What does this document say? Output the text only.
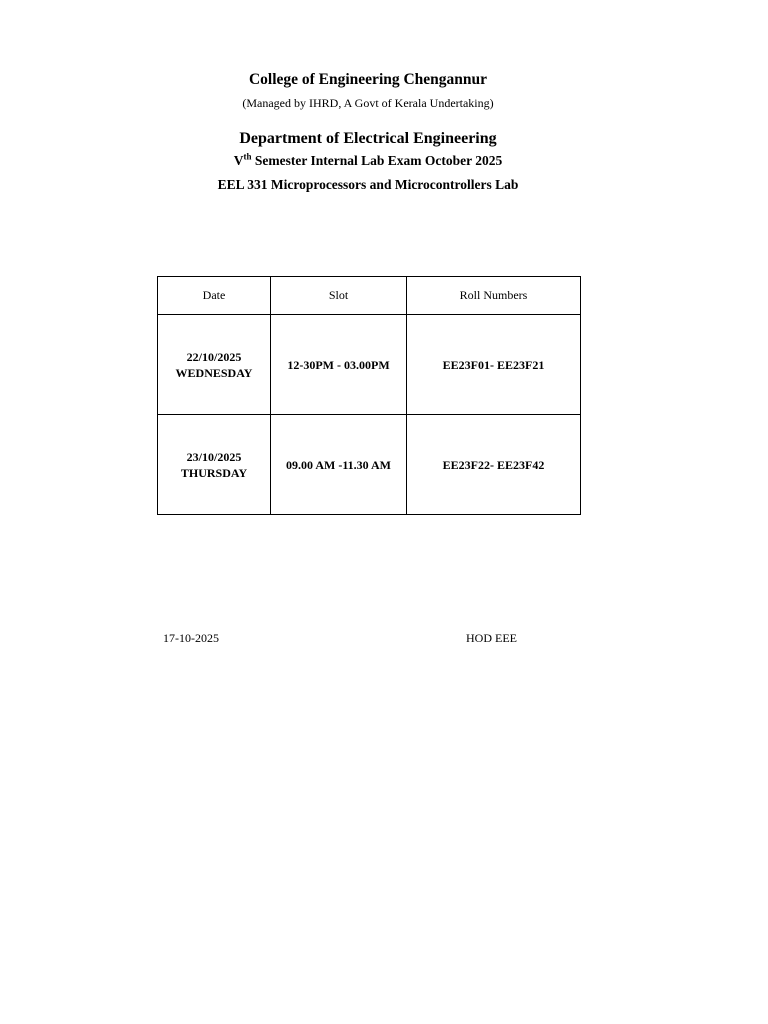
College of Engineering Chengannur
(Managed by IHRD, A Govt of Kerala Undertaking)
Department of Electrical Engineering
Vth Semester Internal Lab Exam October 2025
EEL 331 Microprocessors and Microcontrollers Lab
Date	Slot	Roll Numbers

22/10/2025
WEDNESDAY	12-30PM - 03.00PM	EE23F01- EE23F21

23/10/2025
THURSDAY	09.00 AM -11.30 AM	EE23F22- EE23F42
17-10-2025	HOD EEE
